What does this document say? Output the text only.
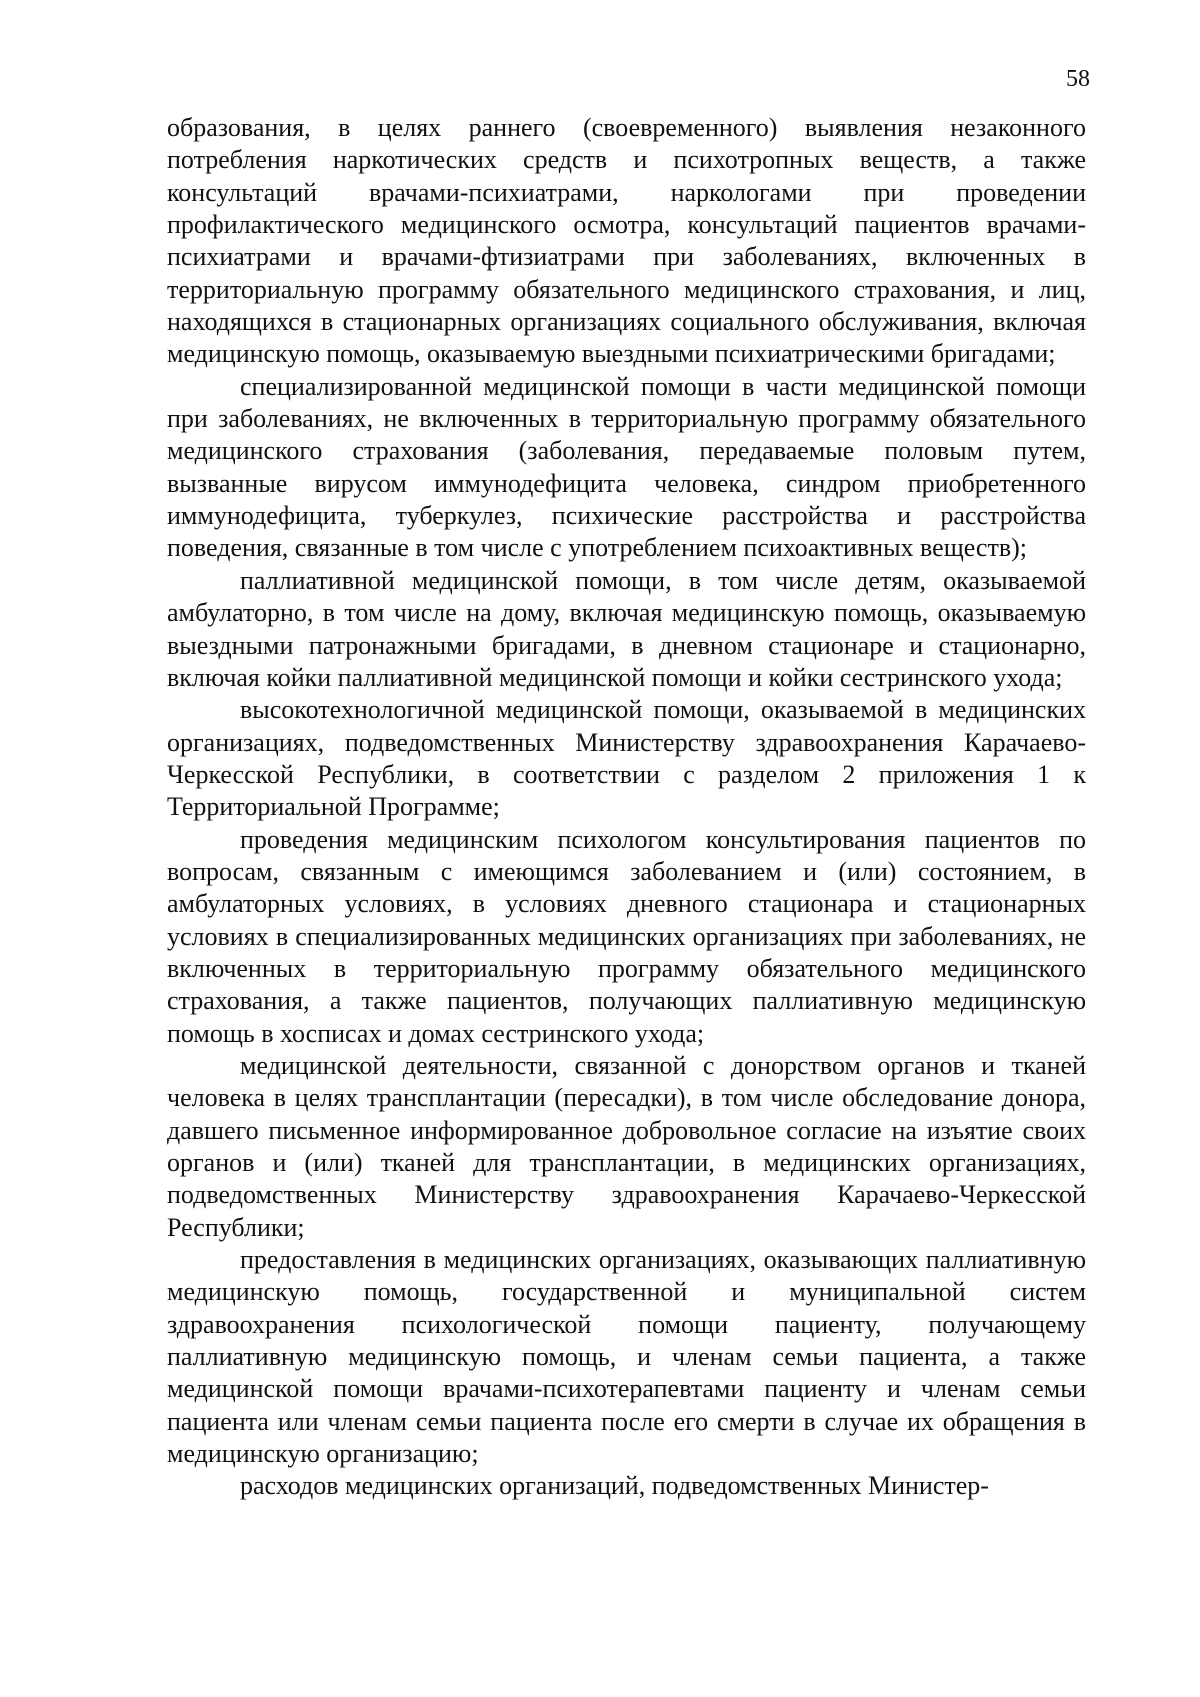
58

образования, в целях раннего (своевременного) выявления незаконного потребления наркотических средств и психотропных веществ, а также консультаций врачами-психиатрами, наркологами при проведении профилактического медицинского осмотра, консультаций пациентов врачами-психиатрами и врачами-фтизиатрами при заболеваниях, включенных в территориальную программу обязательного медицинского страхования, и лиц, находящихся в стационарных организациях социального обслуживания, включая медицинскую помощь, оказываемую выездными психиатрическими бригадами;

специализированной медицинской помощи в части медицинской помощи при заболеваниях, не включенных в территориальную программу обязательного медицинского страхования (заболевания, передаваемые половым путем, вызванные вирусом иммунодефицита человека, синдром приобретенного иммунодефицита, туберкулез, психические расстройства и расстройства поведения, связанные в том числе с употреблением психоактивных веществ);

паллиативной медицинской помощи, в том числе детям, оказываемой амбулаторно, в том числе на дому, включая медицинскую помощь, оказываемую выездными патронажными бригадами, в дневном стационаре и стационарно, включая койки паллиативной медицинской помощи и койки сестринского ухода;

высокотехнологичной медицинской помощи, оказываемой в медицинских организациях, подведомственных Министерству здравоохранения Карачаево-Черкесской Республики, в соответствии с разделом 2 приложения 1 к Территориальной Программе;

проведения медицинским психологом консультирования пациентов по вопросам, связанным с имеющимся заболеванием и (или) состоянием, в амбулаторных условиях, в условиях дневного стационара и стационарных условиях в специализированных медицинских организациях при заболеваниях, не включенных в территориальную программу обязательного медицинского страхования, а также пациентов, получающих паллиативную медицинскую помощь в хосписах и домах сестринского ухода;

медицинской деятельности, связанной с донорством органов и тканей человека в целях трансплантации (пересадки), в том числе обследование донора, давшего письменное информированное добровольное согласие на изъятие своих органов и (или) тканей для трансплантации, в медицинских организациях, подведомственных Министерству здравоохранения Карачаево-Черкесской Республики;

предоставления в медицинских организациях, оказывающих паллиативную медицинскую помощь, государственной и муниципальной систем здравоохранения психологической помощи пациенту, получающему паллиативную медицинскую помощь, и членам семьи пациента, а также медицинской помощи врачами-психотерапевтами пациенту и членам семьи пациента или членам семьи пациента после его смерти в случае их обращения в медицинскую организацию;

расходов медицинских организаций, подведомственных Министер-
